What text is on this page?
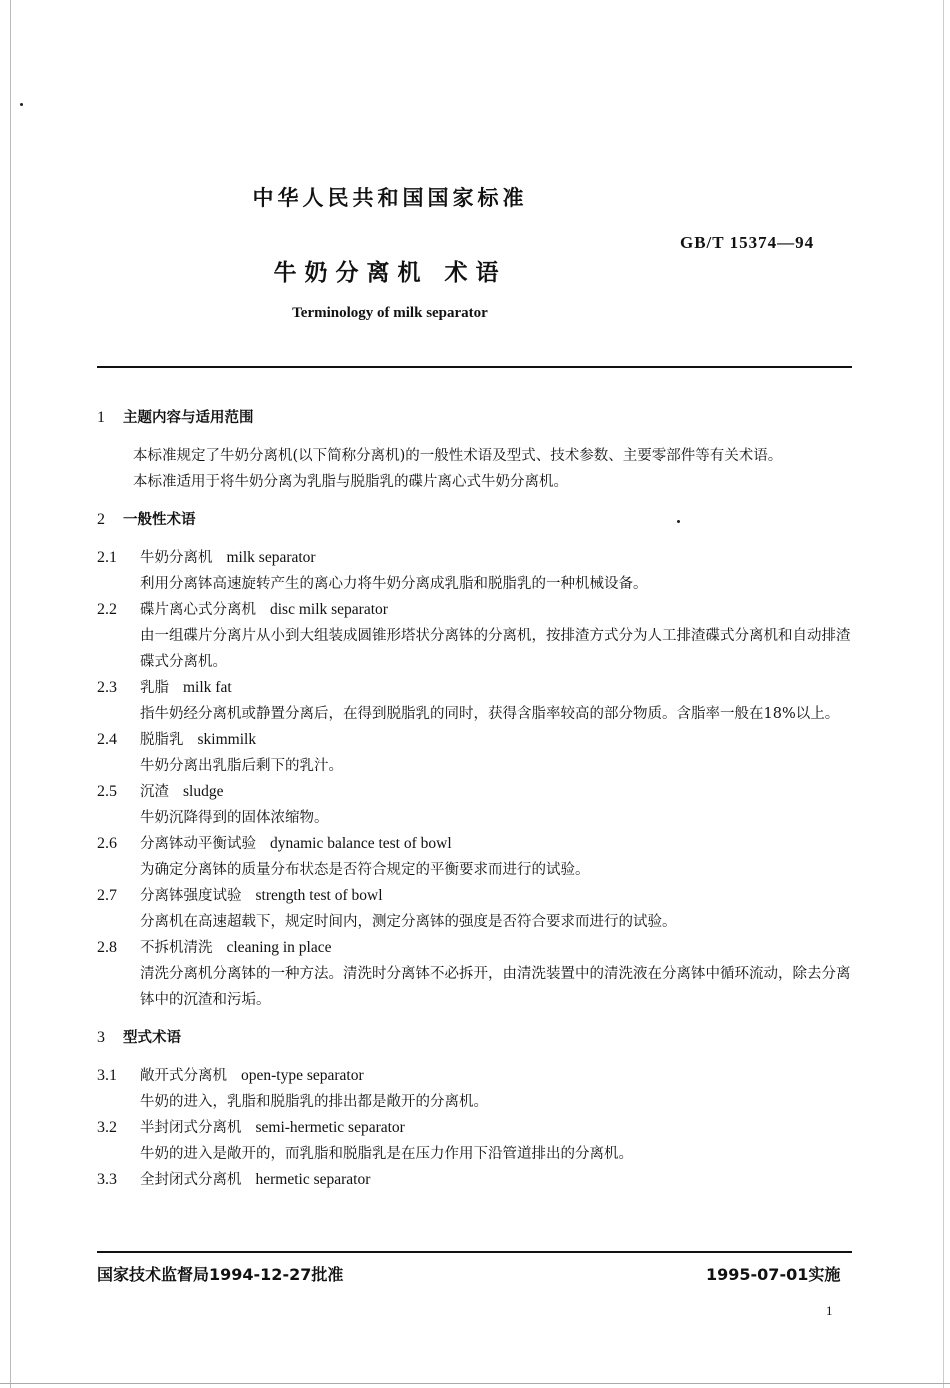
中华人民共和国国家标准
GB/T 15374—94
牛奶分离机 术语
Terminology of milk separator
1 主题内容与适用范围
本标准规定了牛奶分离机(以下简称分离机)的一般性术语及型式、技术参数、主要零部件等有关术语。
本标准适用于将牛奶分离为乳脂与脱脂乳的碟片离心式牛奶分离机。
2 一般性术语
2.1 牛奶分离机 milk separator
利用分离钵高速旋转产生的离心力将牛奶分离成乳脂和脱脂乳的一种机械设备。
2.2 碟片离心式分离机 disc milk separator
由一组碟片分离片从小到大组装成圆锥形塔状分离钵的分离机，按排渣方式分为人工排渣碟式分离机和自动排渣碟式分离机。
2.3 乳脂 milk fat
指牛奶经分离机或静置分离后，在得到脱脂乳的同时，获得含脂率较高的部分物质。含脂率一般在18%以上。
2.4 脱脂乳 skimmilk
牛奶分离出乳脂后剩下的乳汁。
2.5 沉渣 sludge
牛奶沉降得到的固体浓缩物。
2.6 分离钵动平衡试验 dynamic balance test of bowl
为确定分离钵的质量分布状态是否符合规定的平衡要求而进行的试验。
2.7 分离钵强度试验 strength test of bowl
分离机在高速超载下，规定时间内，测定分离钵的强度是否符合要求而进行的试验。
2.8 不拆机清洗 cleaning in place
清洗分离机分离钵的一种方法。清洗时分离钵不必拆开，由清洗装置中的清洗液在分离钵中循环流动，除去分离钵中的沉渣和污垢。
3 型式术语
3.1 敞开式分离机 open-type separator
牛奶的进入，乳脂和脱脂乳的排出都是敞开的分离机。
3.2 半封闭式分离机 semi-hermetic separator
牛奶的进入是敞开的，而乳脂和脱脂乳是在压力作用下沿管道排出的分离机。
3.3 全封闭式分离机 hermetic separator
国家技术监督局1994-12-27批准	1995-07-01实施
1
